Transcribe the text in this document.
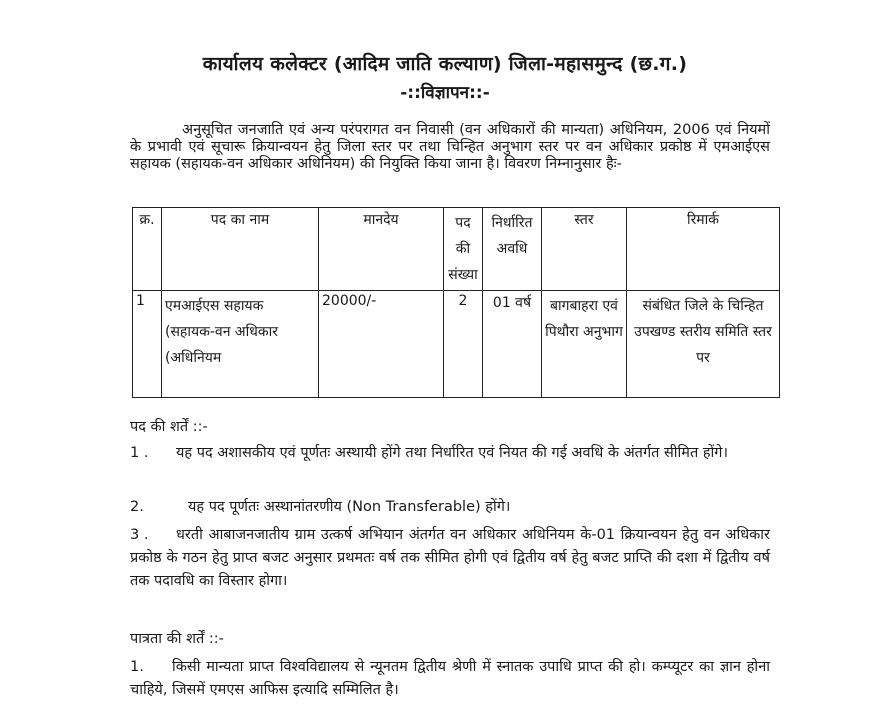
कार्यालय कलेक्टर (आदिम जाति कल्याण) जिला-महासमुन्द (छ.ग.)
-::विज्ञापन::-
अनुसूचित जनजाति एवं अन्य परंपरागत वन निवासी (वन अधिकारों की मान्यता) अधिनियम, 2006 एवं नियमों के प्रभावी एवं सूचारू क्रियान्वयन हेतु जिला स्तर पर तथा चिन्हित अनुभाग स्तर पर वन अधिकार प्रकोष्ठ में एमआईएस सहायक (सहायक-वन अधिकार अधिनियम) की नियुक्ति किया जाना है। विवरण निम्नानुसार हैः-
क्र.	पद का नाम	मानदेय	पद की संख्या	निर्धारित अवधि	स्तर	रिमार्क
1	एमआईएस सहायक (सहायक-वन अधिकार (अधिनियम	20000/-	2	01 वर्ष	बागबाहरा एवं पिथौरा अनुभाग	संबंधित जिले के चिन्हित उपखण्ड स्तरीय समिति स्तर पर
पद की शर्तें ::-
1 . यह पद अशासकीय एवं पूर्णतः अस्थायी होंगे तथा निर्धारित एवं नियत की गई अवधि के अंतर्गत सीमित होंगे।
2.	यह पद पूर्णतः अस्थानांतरणीय (Non Transferable) होंगे।
3 . धरती आबाजनजातीय ग्राम उत्कर्ष अभियान अंतर्गत वन अधिकार अधिनियम के-01 क्रियान्वयन हेतु वन अधिकार प्रकोष्ठ के गठन हेतु प्राप्त बजट अनुसार प्रथमतः वर्ष तक सीमित होगी एवं द्वितीय वर्ष हेतु बजट प्राप्ति की दशा में द्वितीय वर्ष तक पदावधि का विस्तार होगा।
पात्रता की शर्तें ::-
1. किसी मान्यता प्राप्त विश्वविद्यालय से न्यूनतम द्वितीय श्रेणी में स्नातक उपाधि प्राप्त की हो। कम्प्यूटर का ज्ञान होना चाहिये, जिसमें एमएस आफिस इत्यादि सम्मिलित है।
